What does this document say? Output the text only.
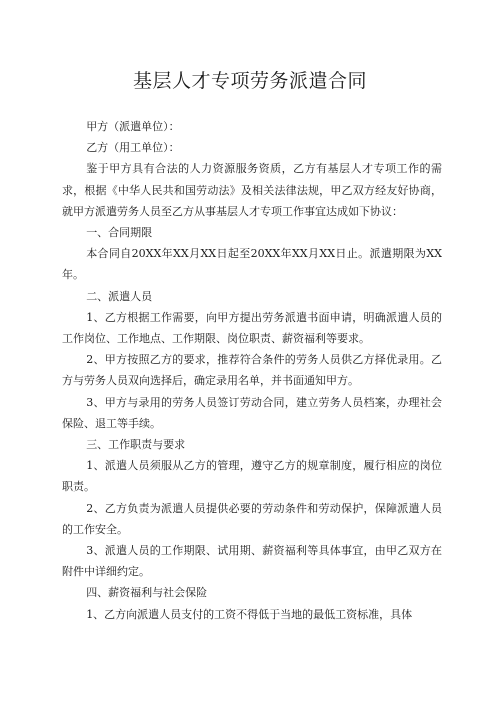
基层人才专项劳务派遣合同

甲方（派遣单位）：

乙方（用工单位）：

鉴于甲方具有合法的人力资源服务资质，乙方有基层人才专项工作的需求，根据《中华人民共和国劳动法》及相关法律法规，甲乙双方经友好协商，就甲方派遣劳务人员至乙方从事基层人才专项工作事宜达成如下协议：

一、合同期限

本合同自20XX年XX月XX日起至20XX年XX月XX日止。派遣期限为XX年。

二、派遣人员

1、乙方根据工作需要，向甲方提出劳务派遣书面申请，明确派遣人员的工作岗位、工作地点、工作期限、岗位职责、薪资福利等要求。

2、甲方按照乙方的要求，推荐符合条件的劳务人员供乙方择优录用。乙方与劳务人员双向选择后，确定录用名单，并书面通知甲方。

3、甲方与录用的劳务人员签订劳动合同，建立劳务人员档案，办理社会保险、退工等手续。

三、工作职责与要求

1、派遣人员须服从乙方的管理，遵守乙方的规章制度，履行相应的岗位职责。

2、乙方负责为派遣人员提供必要的劳动条件和劳动保护，保障派遣人员的工作安全。

3、派遣人员的工作期限、试用期、薪资福利等具体事宜，由甲乙双方在附件中详细约定。

四、薪资福利与社会保险

1、乙方向派遣人员支付的工资不得低于当地的最低工资标准，具体
